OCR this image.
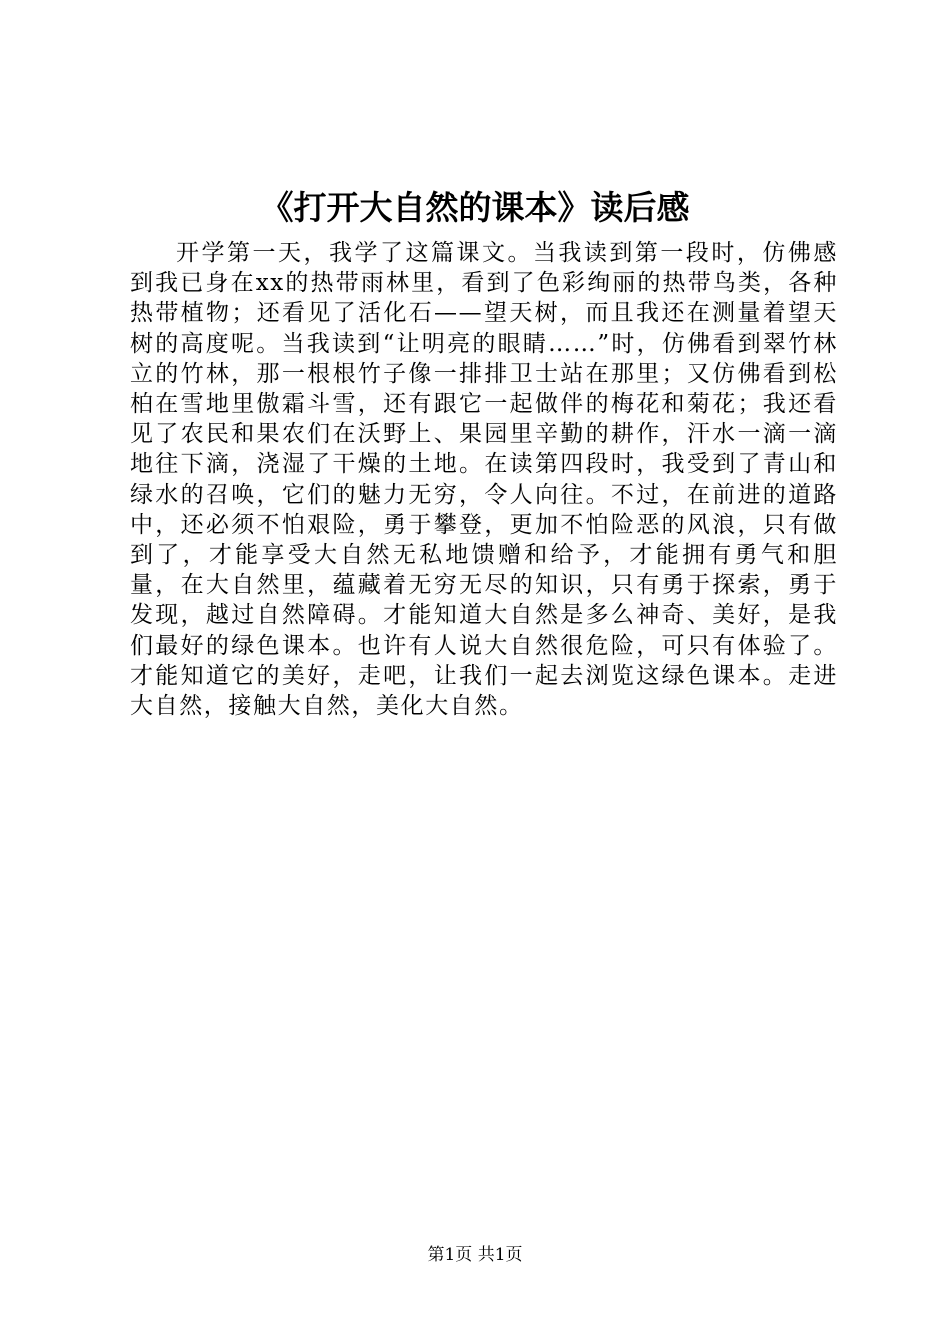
《打开大自然的课本》读后感

开学第一天，我学了这篇课文。当我读到第一段时，仿佛感到我已身在xx的热带雨林里，看到了色彩绚丽的热带鸟类，各种热带植物；还看见了活化石——望天树，而且我还在测量着望天树的高度呢。当我读到“让明亮的眼睛……”时，仿佛看到翠竹林立的竹林，那一根根竹子像一排排卫士站在那里；又仿佛看到松柏在雪地里傲霜斗雪，还有跟它一起做伴的梅花和菊花；我还看见了农民和果农们在沃野上、果园里辛勤的耕作，汗水一滴一滴地往下滴，浇湿了干燥的土地。在读第四段时，我受到了青山和绿水的召唤，它们的魅力无穷，令人向往。不过，在前进的道路中，还必须不怕艰险，勇于攀登，更加不怕险恶的风浪，只有做到了，才能享受大自然无私地馈赠和给予，才能拥有勇气和胆量，在大自然里，蕴藏着无穷无尽的知识，只有勇于探索，勇于发现，越过自然障碍。才能知道大自然是多么神奇、美好，是我们最好的绿色课本。也许有人说大自然很危险，可只有体验了。才能知道它的美好，走吧，让我们一起去浏览这绿色课本。走进大自然，接触大自然，美化大自然。

第1页 共1页
